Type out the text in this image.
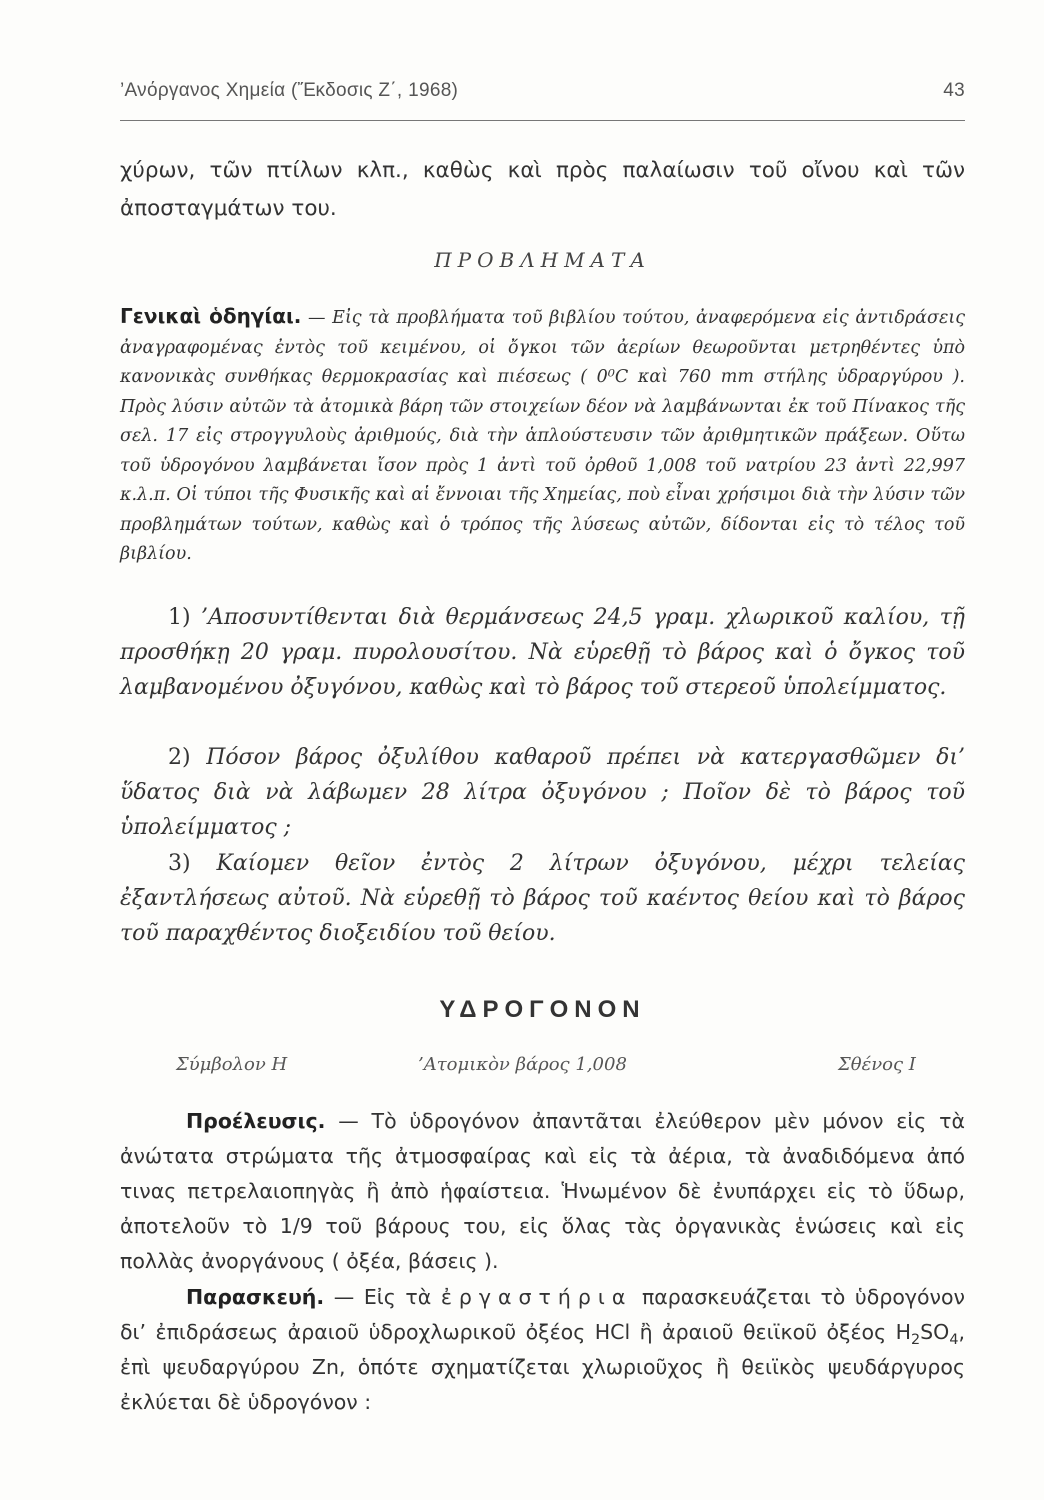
’Ανόργανος Χημεία (Ἔκδοσις Ζ΄, 1968)	43
χύρων, τῶν πτίλων κλπ., καθὼς καὶ πρὸς παλαίωσιν τοῦ οἴνου καὶ τῶν ἀποσταγμάτων του.
ΠΡΟΒΛΗΜΑΤΑ
Γενικαὶ ὁδηγίαι. — Εἰς τὰ προβλήματα τοῦ βιβλίου τούτου, ἀναφερόμενα εἰς ἀντιδράσεις ἀναγραφομένας ἐντὸς τοῦ κειμένου, οἱ ὄγκοι τῶν ἀερίων θεωροῦνται μετρηθέντες ὑπὸ κανονικὰς συνθήκας θερμοκρασίας καὶ πιέσεως ( 0⁰C καὶ 760 mm στήλης ὑδραργύρου ). Πρὸς λύσιν αὐτῶν τὰ ἀτομικὰ βάρη τῶν στοιχείων δέον νὰ λαμβάνωνται ἐκ τοῦ Πίνακος τῆς σελ. 17 εἰς στρογγυλοὺς ἀριθμούς, διὰ τὴν ἁπλούστευσιν τῶν ἀριθμητικῶν πράξεων. Οὕτω τοῦ ὑδρογόνου λαμβάνεται ἴσον πρὸς 1 ἀντὶ τοῦ ὀρθοῦ 1,008 τοῦ νατρίου 23 ἀντὶ 22,997 κ.λ.π. Οἱ τύποι τῆς Φυσικῆς καὶ αἱ ἔννοιαι τῆς Χημείας, ποὺ εἶναι χρήσιμοι διὰ τὴν λύσιν τῶν προβλημάτων τούτων, καθὼς καὶ ὁ τρόπος τῆς λύσεως αὐτῶν, δίδονται εἰς τὸ τέλος τοῦ βιβλίου.
1) ’Αποσυντίθενται διὰ θερμάνσεως 24,5 γραμ. χλωρικοῦ καλίου, τῇ προσθήκῃ 20 γραμ. πυρολουσίτου. Νὰ εὑρεθῇ τὸ βάρος καὶ ὁ ὄγκος τοῦ λαμβανομένου ὀξυγόνου, καθὼς καὶ τὸ βάρος τοῦ στερεοῦ ὑπολείμματος.
2) Πόσον βάρος ὀξυλίθου καθαροῦ πρέπει νὰ κατεργασθῶμεν δι’ ὕδατος διὰ νὰ λάβωμεν 28 λίτρα ὀξυγόνου ; Ποῖον δὲ τὸ βάρος τοῦ ὑπολείμματος ;
3) Καίομεν θεῖον ἐντὸς 2 λίτρων ὀξυγόνου, μέχρι τελείας ἐξαντλήσεως αὐτοῦ. Νὰ εὑρεθῇ τὸ βάρος τοῦ καέντος θείου καὶ τὸ βάρος τοῦ παραχθέντος διοξειδίου τοῦ θείου.
ΥΔΡΟΓΟΝΟΝ
Σύμβολον Η	’Ατομικὸν βάρος 1,008	Σθένος Ι
Προέλευσις. — Τὸ ὑδρογόνον ἀπαντᾶται ἐλεύθερον μὲν μόνον εἰς τὰ ἀνώτατα στρώματα τῆς ἀτμοσφαίρας καὶ εἰς τὰ ἀέρια, τὰ ἀναδιδόμενα ἀπό τινας πετρελαιοπηγὰς ἢ ἀπὸ ἡφαίστεια. Ἡνωμένον δὲ ἐνυπάρχει εἰς τὸ ὕδωρ, ἀποτελοῦν τὸ 1/9 τοῦ βάρους του, εἰς ὅλας τὰς ὀργανικὰς ἑνώσεις καὶ εἰς πολλὰς ἀνοργάνους ( ὀξέα, βάσεις ).
Παρασκευή. — Εἰς τὰ ἐργαστήρια παρασκευάζεται τὸ ὑδρογόνον δι’ ἐπιδράσεως ἀραιοῦ ὑδροχλωρικοῦ ὀξέος HCl ἢ ἀραιοῦ θειϊκοῦ ὀξέος $H_2SO_4$, ἐπὶ ψευδαργύρου Zn, ὁπότε σχηματίζεται χλωριοῦχος ἢ θειϊκὸς ψευδάργυρος ἐκλύεται δὲ ὑδρογόνον :
